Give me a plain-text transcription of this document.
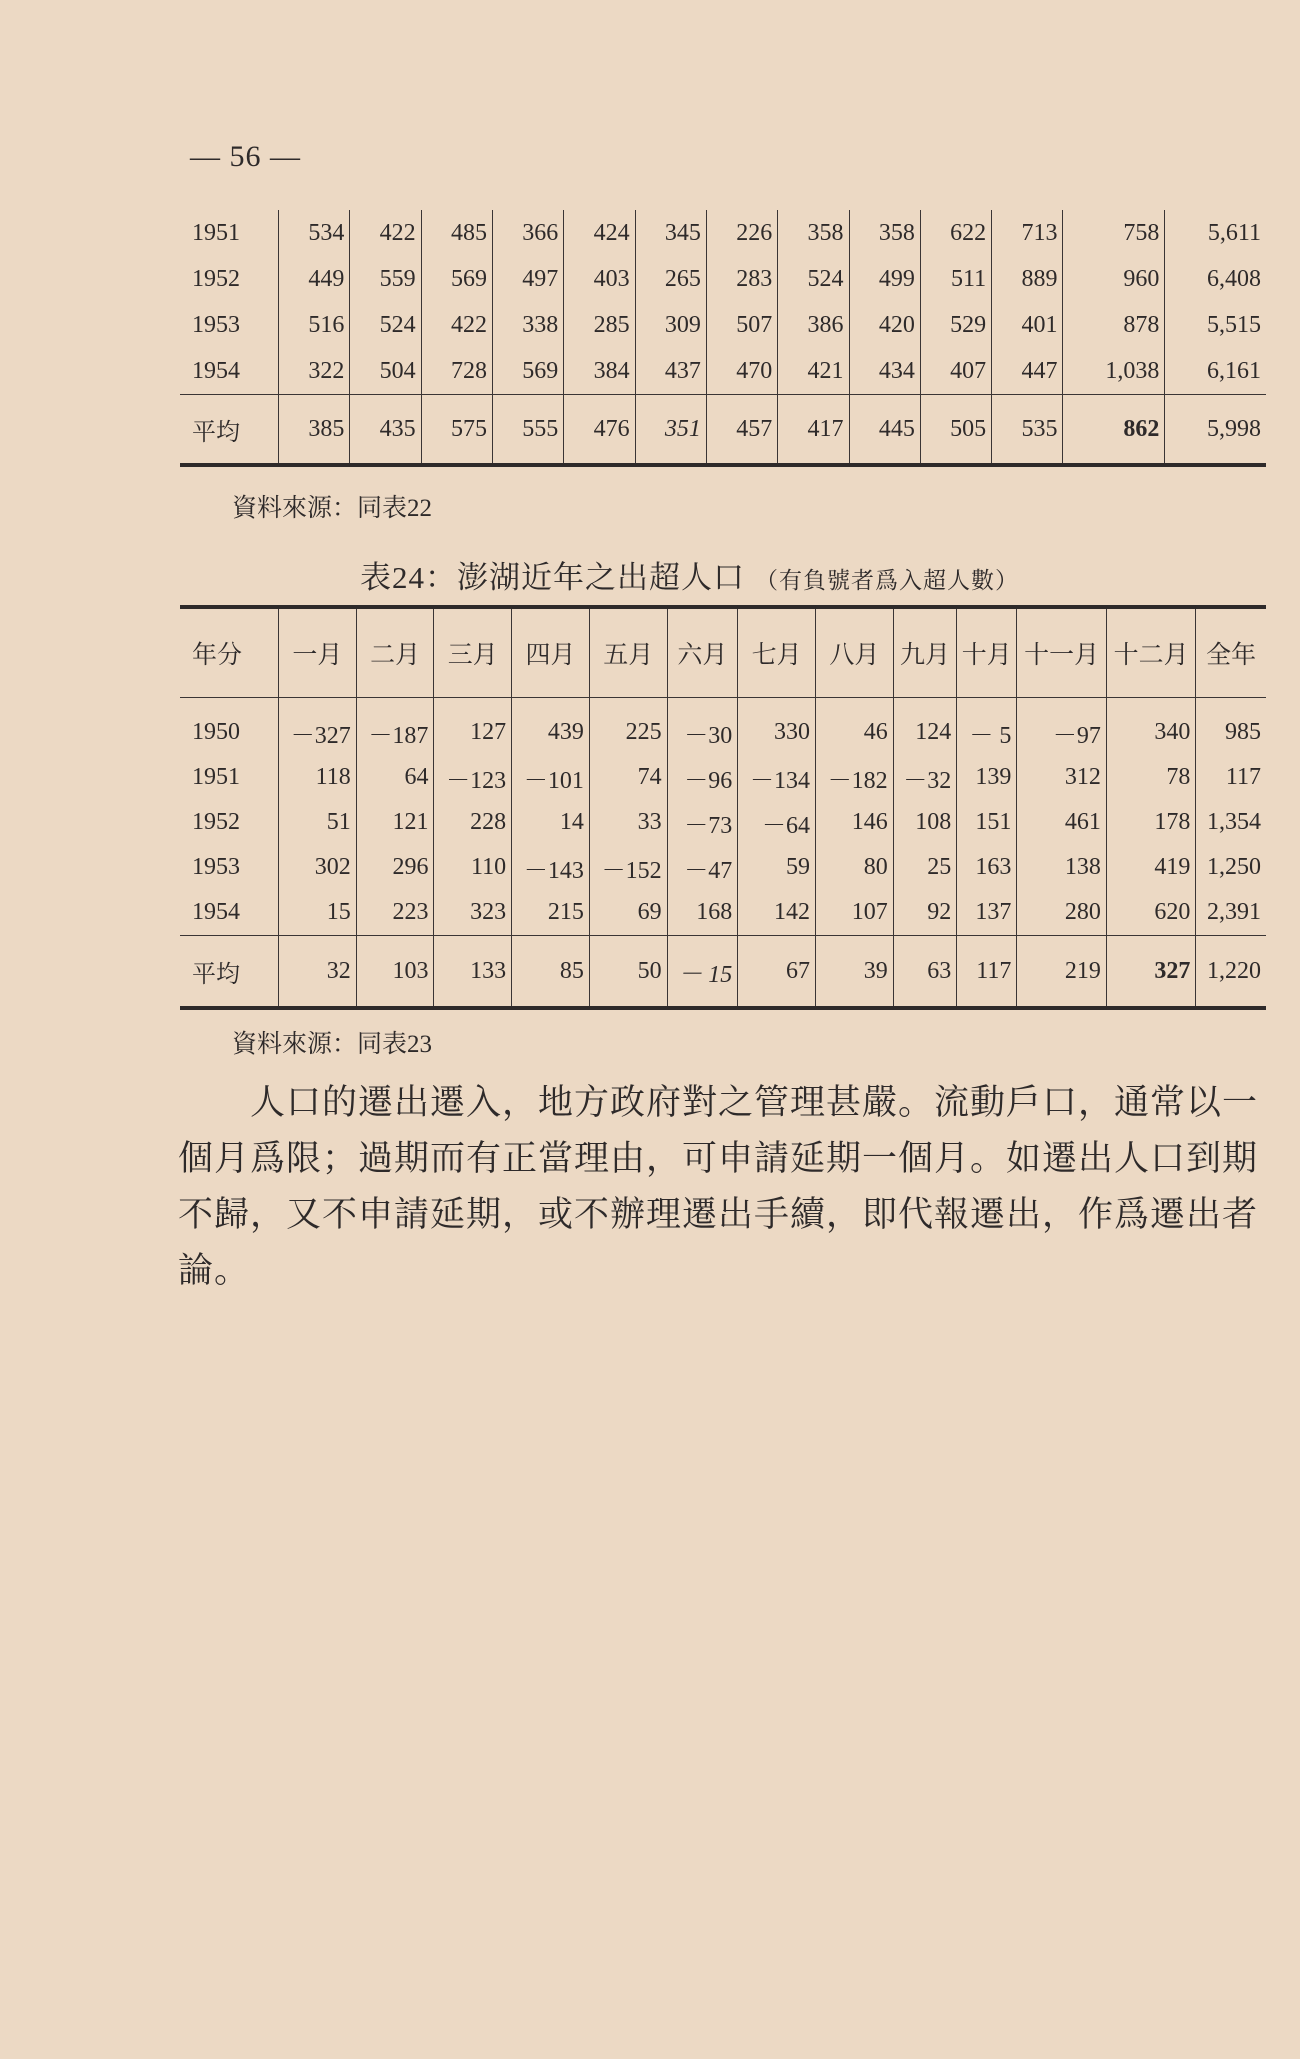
— 56 —
1951	534	422	485	366	424	345	226	358	358	622	713	758	5,611
1952	449	559	569	497	403	265	283	524	499	511	889	960	6,408
1953	516	524	422	338	285	309	507	386	420	529	401	878	5,515
1954	322	504	728	569	384	437	470	421	434	407	447	1,038	6,161
平均	385	435	575	555	476	351	457	417	445	505	535	862	5,998
資料來源：同表22
表24：澎湖近年之出超人口 （有負號者爲入超人數）
年分	一月	二月	三月	四月	五月	六月	七月	八月	九月	十月	十一月	十二月	全年
1950	－327	－187	127	439	225	－30	330	46	124	－ 5	－97	340	985
1951	118	64	－123	－101	74	－96	－134	－182	－32	139	312	78	117
1952	51	121	228	14	33	－73	－64	146	108	151	461	178	1,354
1953	302	296	110	－143	－152	－47	59	80	25	163	138	419	1,250
1954	15	223	323	215	69	168	142	107	92	137	280	620	2,391
平均	32	103	133	85	50	－ 15	67	39	63	117	219	327	1,220
資料來源：同表23

人口的遷出遷入，地方政府對之管理甚嚴。流動戶口，通常以一個月爲限；過期而有正當理由，可申請延期一個月。如遷出人口到期不歸，又不申請延期，或不辦理遷出手續，即代報遷出，作爲遷出者論。
